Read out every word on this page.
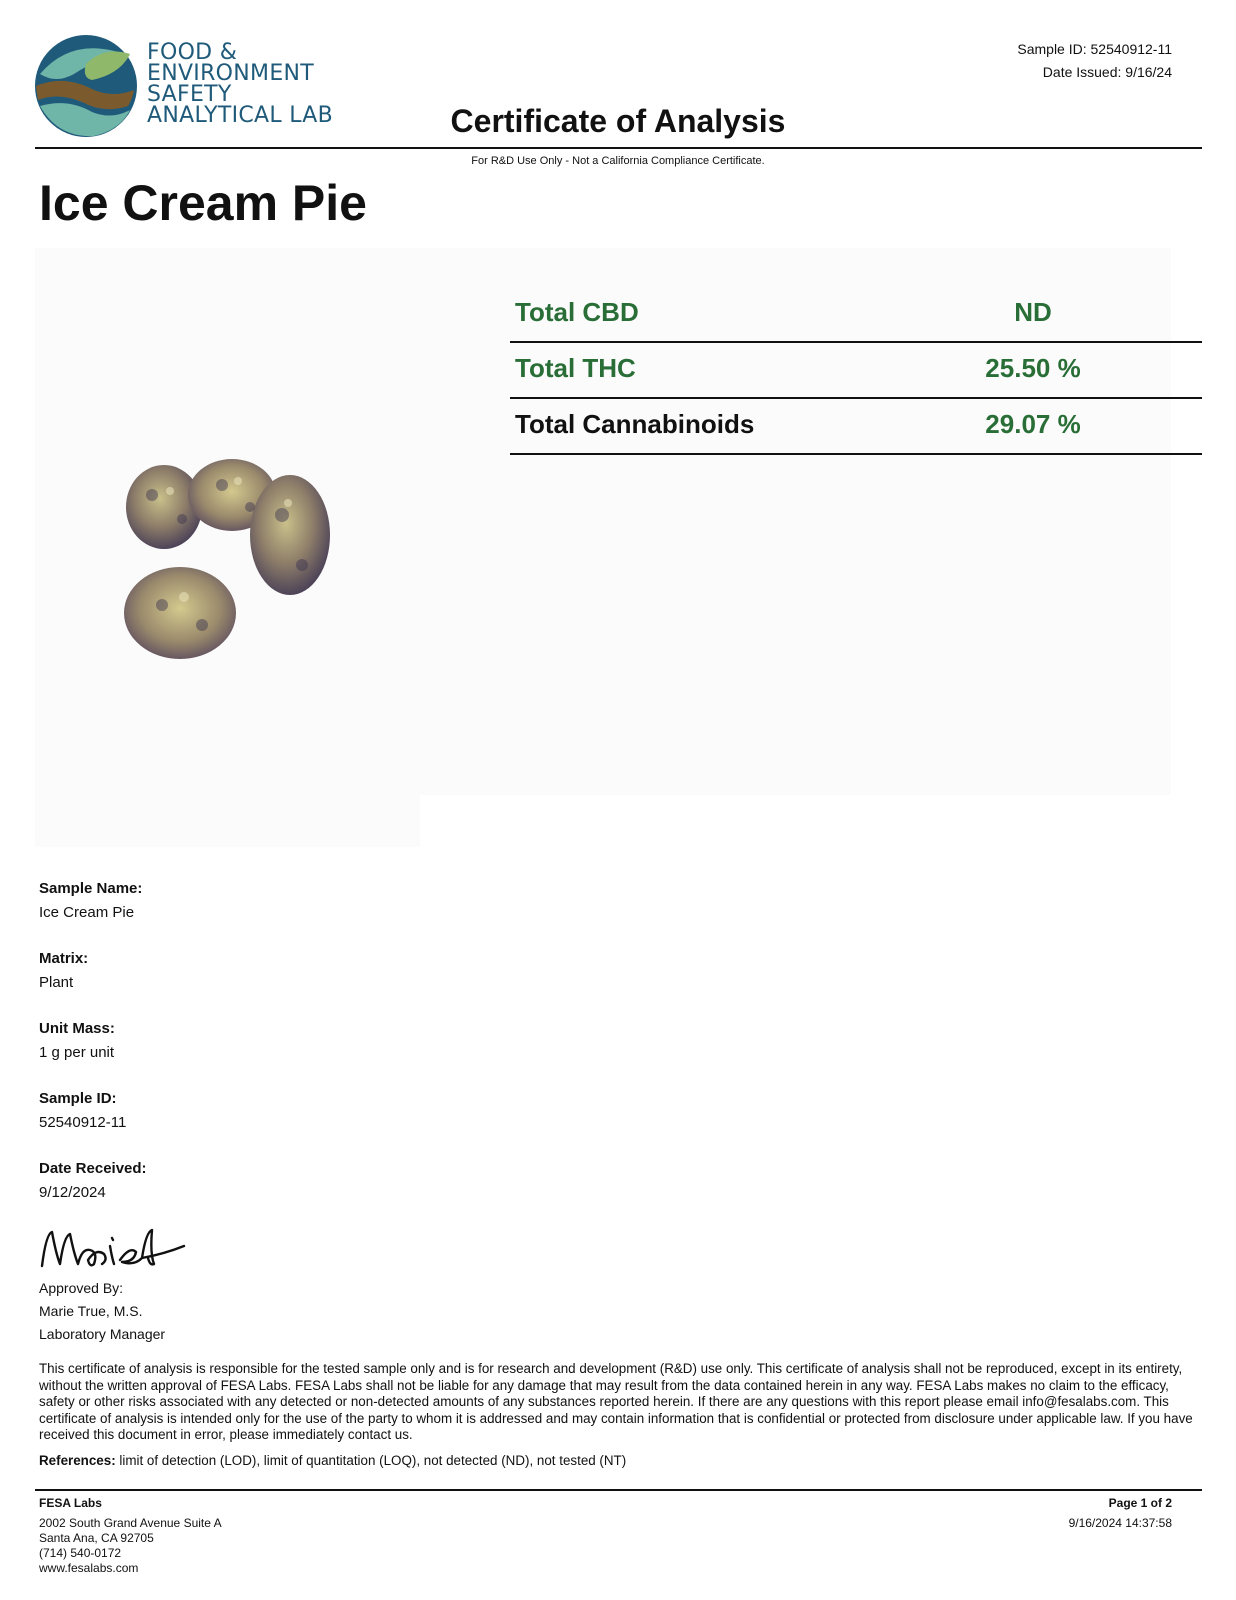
FOOD &
ENVIRONMENT
SAFETY
ANALYTICAL LAB
Sample ID: 52540912-11
Date Issued: 9/16/24
Certificate of Analysis
For R&D Use Only - Not a California Compliance Certificate.
Ice Cream Pie
Total CBD	ND
Total THC	25.50 %
Total Cannabinoids	29.07 %
Sample Name:
Ice Cream Pie
Matrix:
Plant
Unit Mass:
1 g per unit
Sample ID:
52540912-11
Date Received:
9/12/2024
Approved By:
Marie True, M.S.
Laboratory Manager
This certificate of analysis is responsible for the tested sample only and is for research and development (R&D) use only. This certificate of analysis shall not be reproduced, except in its entirety, without the written approval of FESA Labs. FESA Labs shall not be liable for any damage that may result from the data contained herein in any way. FESA Labs makes no claim to the efficacy, safety or other risks associated with any detected or non-detected amounts of any substances reported herein. If there are any questions with this report please email info@fesalabs.com. This certificate of analysis is intended only for the use of the party to whom it is addressed and may contain information that is confidential or protected from disclosure under applicable law. If you have received this document in error, please immediately contact us.
References: limit of detection (LOD), limit of quantitation (LOQ), not detected (ND), not tested (NT)
FESA Labs
2002 South Grand Avenue Suite A
Santa Ana, CA 92705
(714) 540-0172
www.fesalabs.com
Page 1 of 2
9/16/2024 14:37:58
